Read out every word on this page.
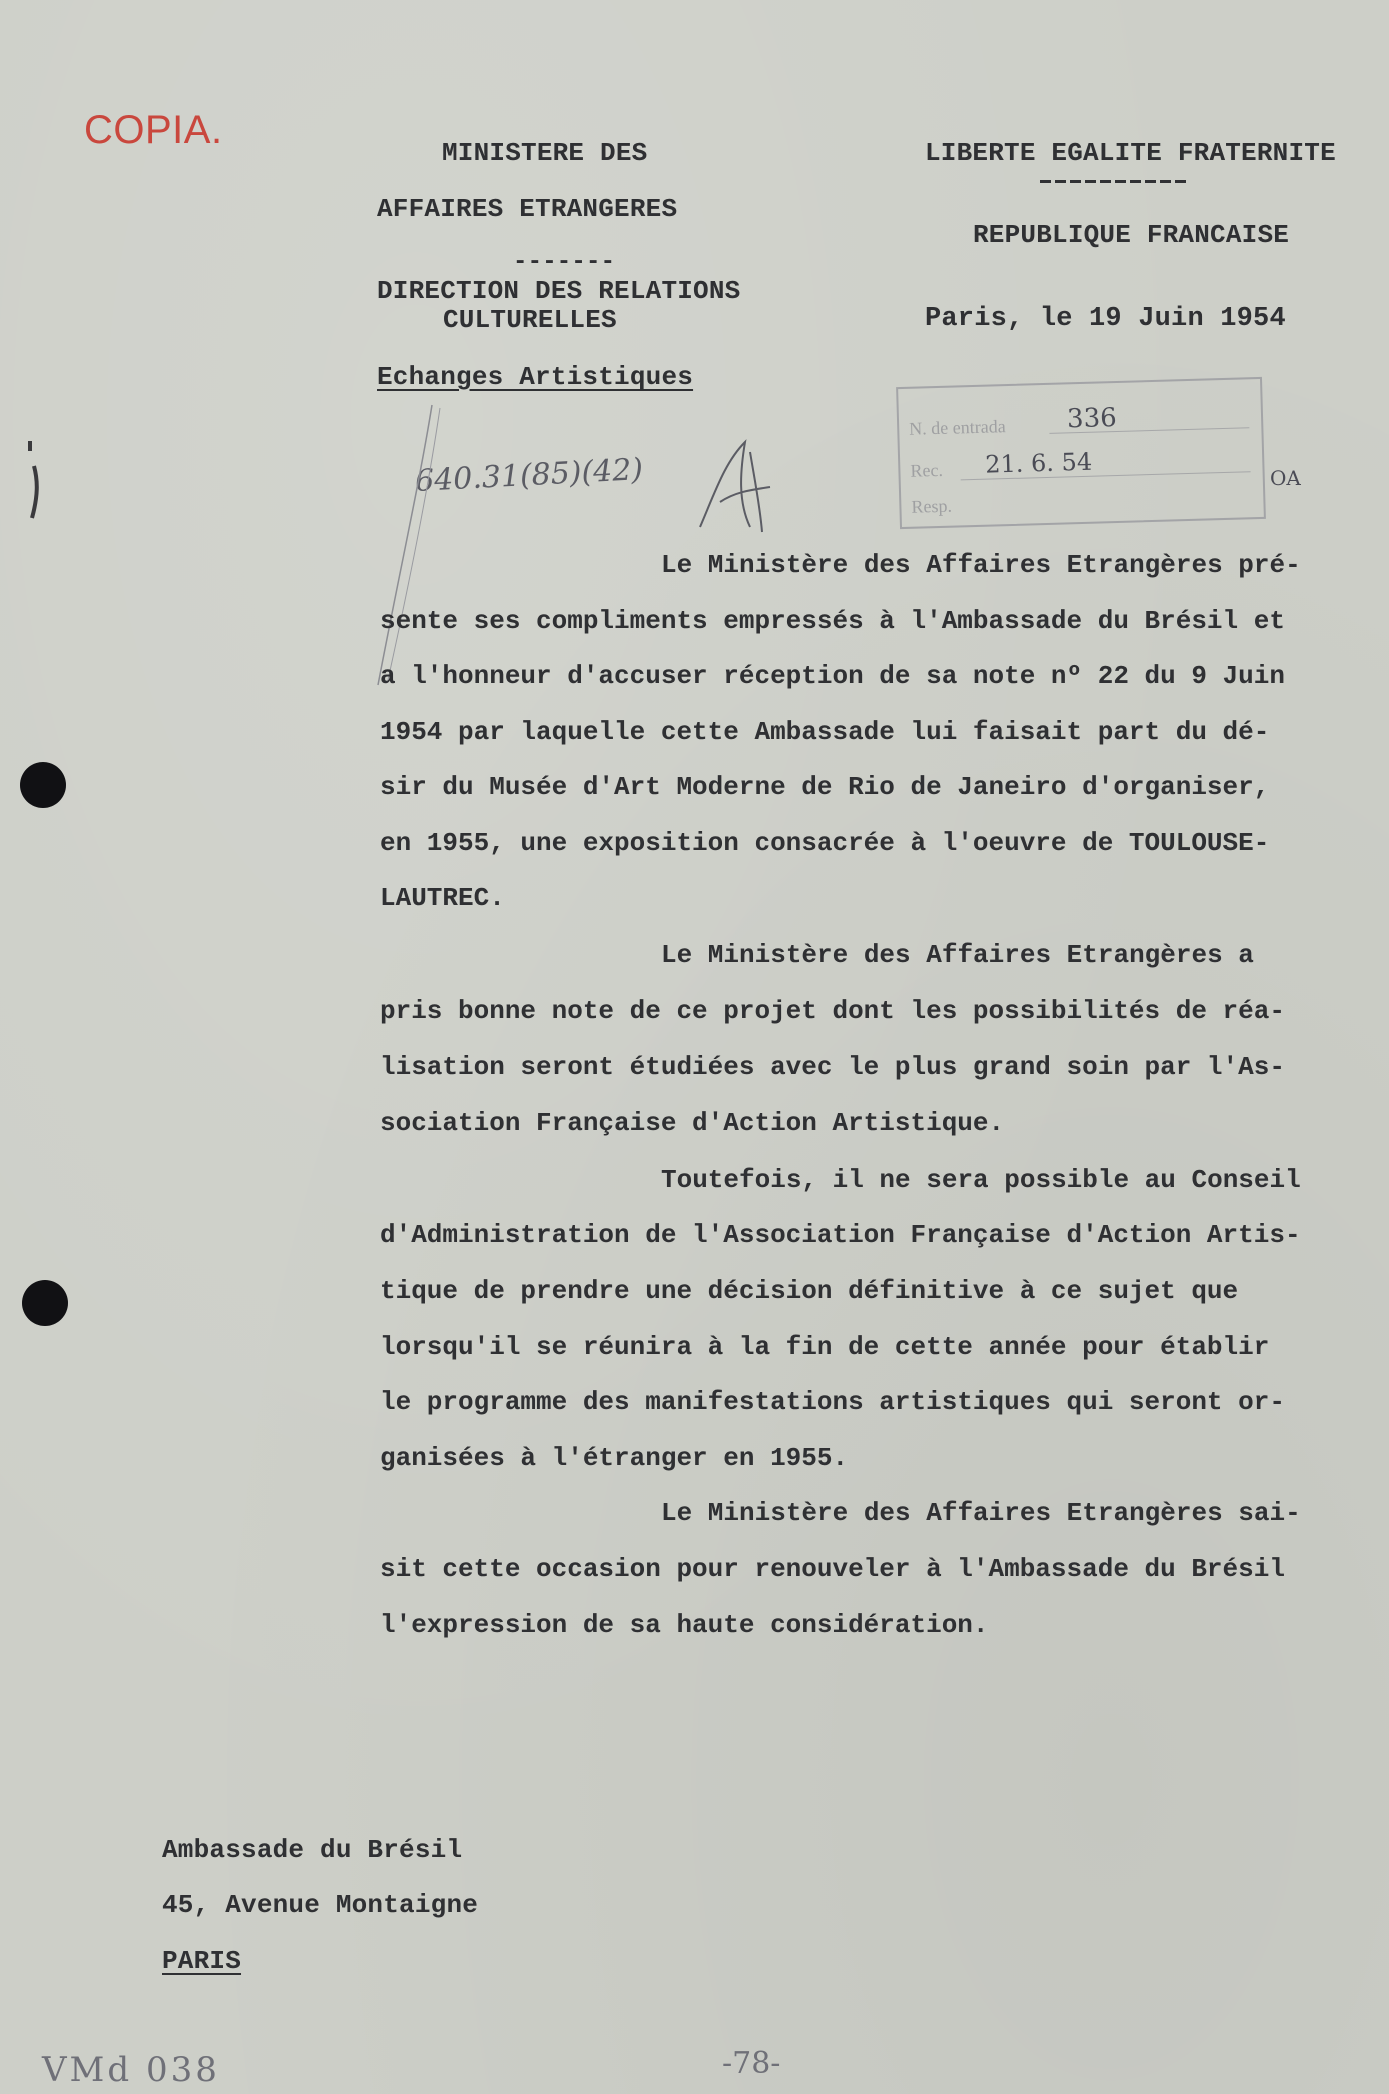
COPIA.
MINISTERE DES
AFFAIRES ETRANGERES
-------
DIRECTION DES RELATIONS
CULTURELLES
Echanges Artistiques
LIBERTE EGALITE FRATERNITE
REPUBLIQUE FRANCAISE
Paris, le 19 Juin 1954
640.31(85)(42)
N. de entrada 336
Rec. 21. 6. 54
Resp.
OA
Le Ministère des Affaires Etrangères pré-
sente ses compliments empressés à l'Ambassade du Brésil et
a l'honneur d'accuser réception de sa note nº 22 du 9 Juin
1954 par laquelle cette Ambassade lui faisait part du dé-
sir du Musée d'Art Moderne de Rio de Janeiro d'organiser,
en 1955, une exposition consacrée à l'oeuvre de TOULOUSE-
LAUTREC.
Le Ministère des Affaires Etrangères a
pris bonne note de ce projet dont les possibilités de réa-
lisation seront étudiées avec le plus grand soin par l'As-
sociation Française d'Action Artistique.
Toutefois, il ne sera possible au Conseil
d'Administration de l'Association Française d'Action Artis-
tique de prendre une décision définitive à ce sujet que
lorsqu'il se réunira à la fin de cette année pour établir
le programme des manifestations artistiques qui seront or-
ganisées à l'étranger en 1955.
Le Ministère des Affaires Etrangères sai-
sit cette occasion pour renouveler à l'Ambassade du Brésil
l'expression de sa haute considération.
Ambassade du Brésil
45, Avenue Montaigne
PARIS
VMd 038	-78-
